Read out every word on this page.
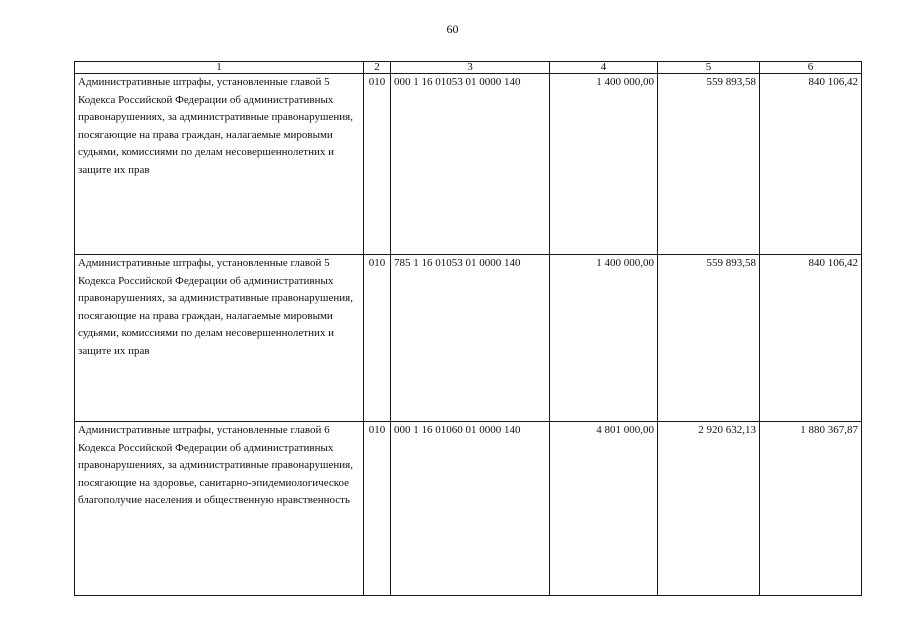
60
1	2	3	4	5	6
Административные штрафы, установленные главой 5 Кодекса Российской Федерации об административных правонарушениях, за административные правонарушения, посягающие на права граждан, налагаемые мировыми судьями, комиссиями по делам несовершеннолетних и защите их прав	010	000 1 16 01053 01 0000 140	1 400 000,00	559 893,58	840 106,42
Административные штрафы, установленные главой 5 Кодекса Российской Федерации об административных правонарушениях, за административные правонарушения, посягающие на права граждан, налагаемые мировыми судьями, комиссиями по делам несовершеннолетних и защите их прав	010	785 1 16 01053 01 0000 140	1 400 000,00	559 893,58	840 106,42
Административные штрафы, установленные главой 6 Кодекса Российской Федерации об административных правонарушениях, за административные правонарушения, посягающие на здоровье, санитарно-эпидемиологическое благополучие населения и общественную нравственность	010	000 1 16 01060 01 0000 140	4 801 000,00	2 920 632,13	1 880 367,87
